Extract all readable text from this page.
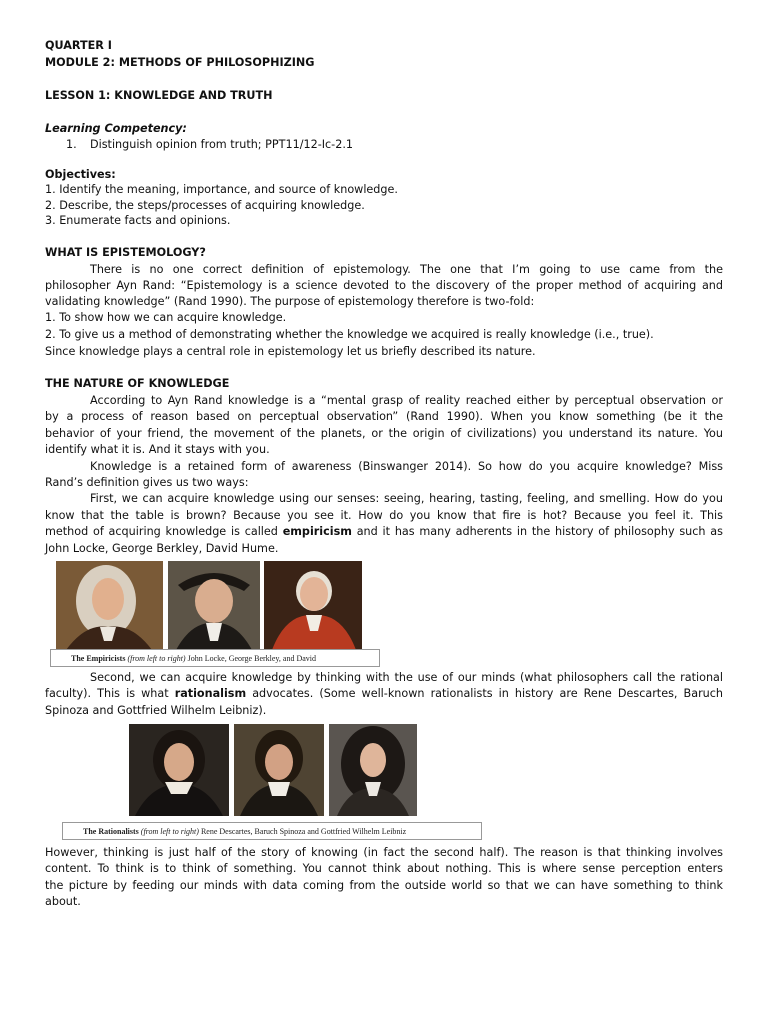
QUARTER I
MODULE 2: METHODS OF PHILOSOPHIZING
LESSON 1: KNOWLEDGE AND TRUTH
Learning Competency:
1. Distinguish opinion from truth; PPT11/12-Ic-2.1
Objectives:
1. Identify the meaning, importance, and source of knowledge.
2. Describe, the steps/processes of acquiring knowledge.
3. Enumerate facts and opinions.
WHAT IS EPISTEMOLOGY?
There is no one correct definition of epistemology. The one that I’m going to use came from the
philosopher Ayn Rand: “Epistemology is a science devoted to the discovery of the proper method of acquiring and
validating knowledge” (Rand 1990). The purpose of epistemology therefore is two-fold:
1. To show how we can acquire knowledge.
2. To give us a method of demonstrating whether the knowledge we acquired is really knowledge (i.e., true).
Since knowledge plays a central role in epistemology let us briefly described its nature.
THE NATURE OF KNOWLEDGE
According to Ayn Rand knowledge is a “mental grasp of reality reached either by perceptual observation or
by a process of reason based on perceptual observation” (Rand 1990). When you know something (be it the
behavior of your friend, the movement of the planets, or the origin of civilizations) you understand its nature. You
identify what it is. And it stays with you.
Knowledge is a retained form of awareness (Binswanger 2014). So how do you acquire knowledge? Miss
Rand’s definition gives us two ways:
First, we can acquire knowledge using our senses: seeing, hearing, tasting, feeling, and smelling. How do you
know that the table is brown? Because you see it. How do you know that fire is hot? Because you feel it. This
method of acquiring knowledge is called empiricism and it has many adherents in the history of philosophy such as
John Locke, George Berkley, David Hume.
The Empiricists (from left to right) John Locke, George Berkley, and David
Second, we can acquire knowledge by thinking with the use of our minds (what philosophers call the rational
faculty). This is what rationalism advocates. (Some well-known rationalists in history are Rene Descartes, Baruch
Spinoza and Gottfried Wilhelm Leibniz).
The Rationalists (from left to right) Rene Descartes, Baruch Spinoza and Gottfried Wilhelm Leibniz
However, thinking is just half of the story of knowing (in fact the second half). The reason is that thinking involves
content. To think is to think of something. You cannot think about nothing. This is where sense perception enters
the picture by feeding our minds with data coming from the outside world so that we can have something to think
about.
